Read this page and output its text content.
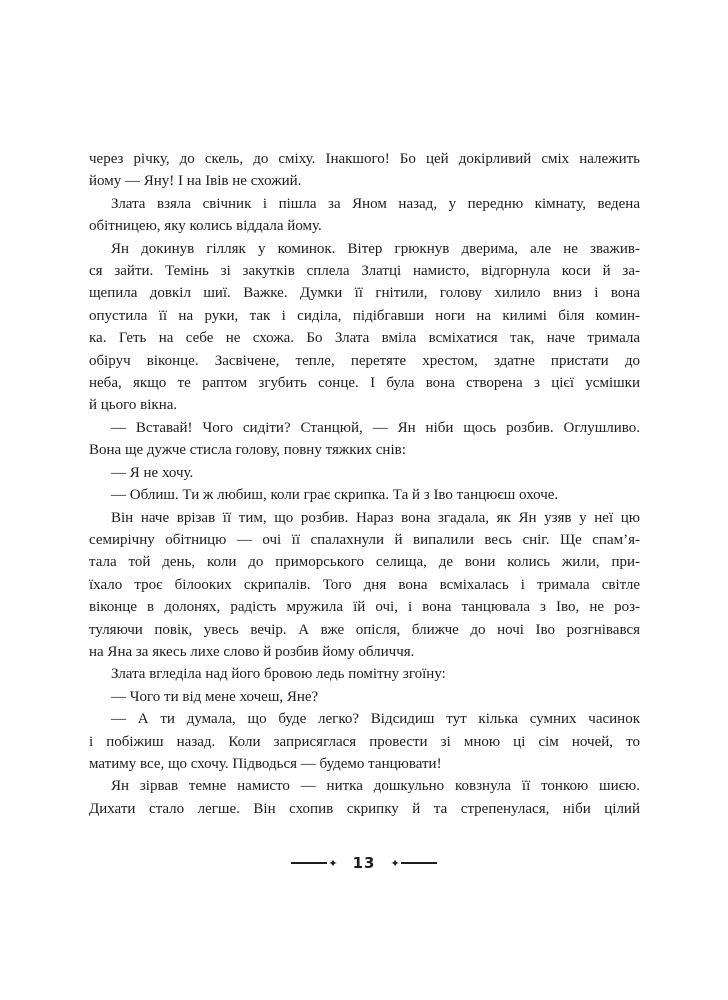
через річку, до скель, до сміху. Інакшого! Бо цей докірливий сміх належить
йому — Яну! І на Івів не схожий.
Злата взяла свічник і пішла за Яном назад, у передню кімнату, ведена
обітницею, яку колись віддала йому.
Ян докинув гілляк у коминок. Вітер грюкнув дверима, але не зважив-
ся зайти. Темінь зі закутків сплела Златці намисто, відгорнула коси й за-
щепила довкіл шиї. Важке. Думки її гнітили, голову хилило вниз і вона
опустила її на руки, так і сиділа, підібгавши ноги на килимі біля комин-
ка. Геть на себе не схожа. Бо Злата вміла всміхатися так, наче тримала
обіруч віконце. Засвічене, тепле, перетяте хрестом, здатне пристати до
неба, якщо те раптом згубить сонце. І була вона створена з цієї усмішки
й цього вікна.
— Вставай! Чого сидіти? Станцюй, — Ян ніби щось розбив. Оглушливо.
Вона ще дужче стисла голову, повну тяжких снів:
— Я не хочу.
— Облиш. Ти ж любиш, коли грає скрипка. Та й з Іво танцюєш охоче.
Він наче врізав її тим, що розбив. Нараз вона згадала, як Ян узяв у неї цю
семирічну обітницю — очі її спалахнули й випалили весь сніг. Ще спам’я-
тала той день, коли до приморського селища, де вони колись жили, при-
їхало троє білооких скрипалів. Того дня вона всміхалась і тримала світле
віконце в долонях, радість мружила їй очі, і вона танцювала з Іво, не роз-
туляючи повік, увесь вечір. А вже опісля, ближче до ночі Іво розгнівався
на Яна за якесь лихе слово й розбив йому обличчя.
Злата вгледіла над його бровою ледь помітну згоїну:
— Чого ти від мене хочеш, Яне?
— А ти думала, що буде легко? Відсидиш тут кілька сумних часинок
і побіжиш назад. Коли заприсяглася провести зі мною ці сім ночей, то
матиму все, що схочу. Підводься — будемо танцювати!
Ян зірвав темне намисто — нитка дошкульно ковзнула її тонкою шиєю.
Дихати стало легше. Він схопив скрипку й та стрепенулася, ніби цілий
✦ 13 ✦
